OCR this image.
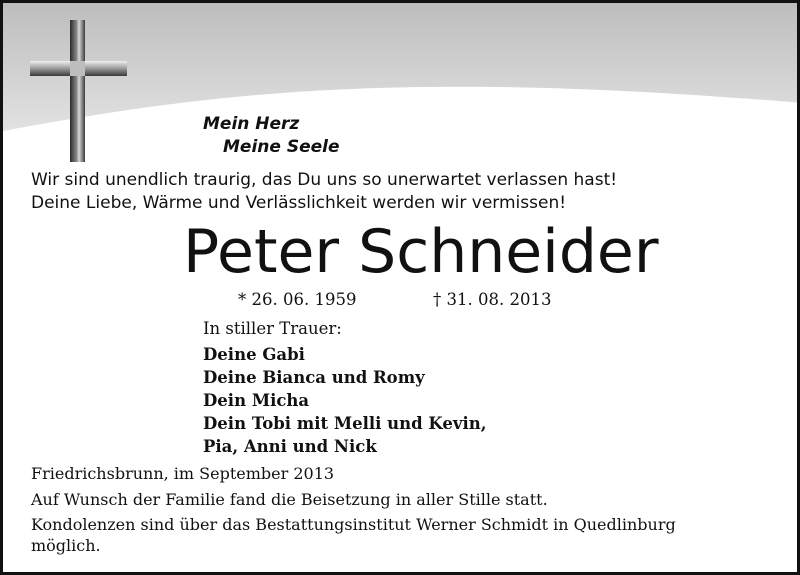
Mein Herz
Meine Seele
Wir sind unendlich traurig, das Du uns so unerwartet verlassen hast!
Deine Liebe, Wärme und Verlässlichkeit werden wir vermissen!
Peter Schneider
* 26. 06. 1959	† 31. 08. 2013
In stiller Trauer:
Deine Gabi
Deine Bianca und Romy
Dein Micha
Dein Tobi mit Melli und Kevin,
Pia, Anni und Nick
Friedrichsbrunn, im September 2013
Auf Wunsch der Familie fand die Beisetzung in aller Stille statt.
Kondolenzen sind über das Bestattungsinstitut Werner Schmidt in Quedlinburg
möglich.
